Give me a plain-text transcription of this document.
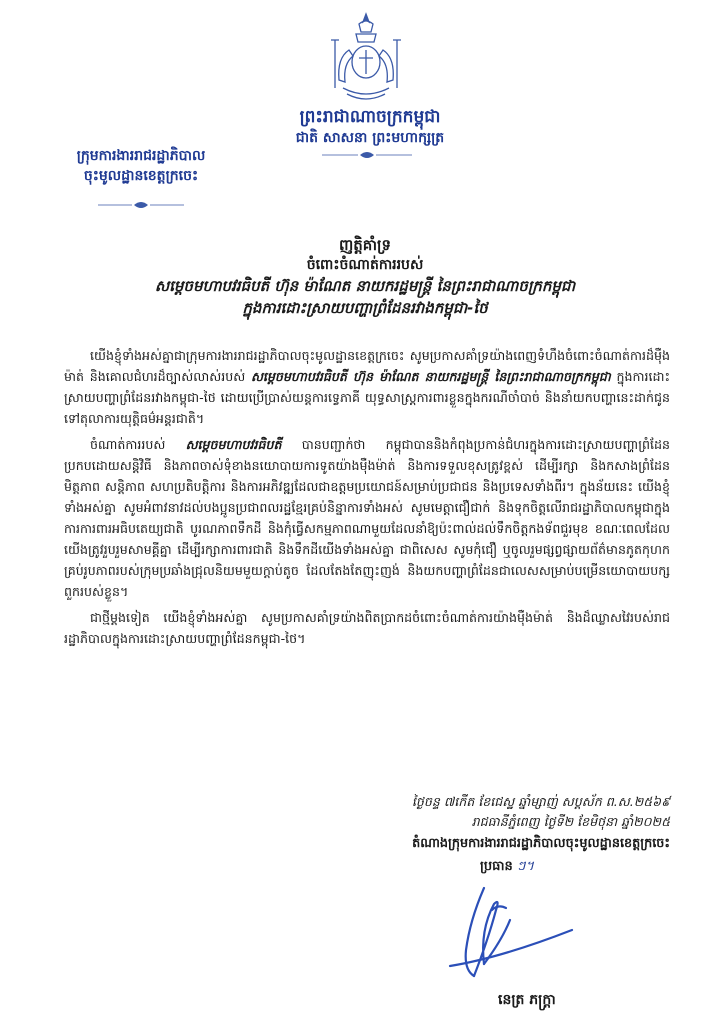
ព្រះរាជាណាចក្រកម្ពុជា
ជាតិ សាសនា ព្រះមហាក្សត្រ
ក្រុមការងាររាជរដ្ឋាភិបាល
ចុះមូលដ្ឋានខេត្តក្រចេះ
ញត្តិគាំទ្រ
ចំពោះចំណាត់ការរបស់
សម្តេចមហាបវរធិបតី ហ៊ុន ម៉ាណែត នាយករដ្ឋមន្ត្រី នៃព្រះរាជាណាចក្រកម្ពុជា
ក្នុងការដោះស្រាយបញ្ហាព្រំដែនរវាងកម្ពុជា-ថៃ

យើងខ្ញុំទាំងអស់គ្នាជាក្រុមការងាររាជរដ្ឋាភិបាលចុះមូលដ្ឋានខេត្តក្រចេះ សូមប្រកាសគាំទ្រយ៉ាងពេញទំហឹងចំពោះចំណាត់ការដ៏ម៉ឺងម៉ាត់ និងគោលជំហរដ៏ច្បាស់លាស់របស់ សម្តេចមហាបវរធិបតី ហ៊ុន ម៉ាណែត នាយករដ្ឋមន្ត្រី នៃព្រះរាជាណាចក្រកម្ពុជា ក្នុងការដោះស្រាយបញ្ហាព្រំដែនរវាងកម្ពុជា-ថៃ ដោយប្រើប្រាស់យន្តការទ្វេភាគី យុទ្ធសាស្ត្រការពារខ្លួនក្នុងករណីចាំបាច់ និងនាំយកបញ្ហានេះដាក់ជូនទៅតុលាការយុត្តិធម៌អន្តរជាតិ។

ចំណាត់ការរបស់ សម្តេចមហាបវរធិបតី បានបញ្ជាក់ថា កម្ពុជាបាននិងកំពុងប្រកាន់ជំហរក្នុងការដោះស្រាយបញ្ហាព្រំដែនប្រកបដោយសន្តិវិធី និងភាពចាស់ទុំខាងនយោបាយការទូតយ៉ាងម៉ឺងម៉ាត់ និងការទទួលខុសត្រូវខ្ពស់ ដើម្បីរក្សា និងកសាងព្រំដែនមិត្តភាព សន្តិភាព សហប្រតិបត្តិការ និងការអភិវឌ្ឍដែលជាឧត្តមប្រយោជន៍សម្រាប់ប្រជាជន និងប្រទេសទាំងពីរ។ ក្នុងន័យនេះ យើងខ្ញុំទាំងអស់គ្នា សូមអំពាវនាវដល់បងប្អូនប្រជាពលរដ្ឋខ្មែរគ្រប់និន្នាការទាំងអស់ សូមមេត្តាជឿជាក់ និងទុកចិត្តលើរាជរដ្ឋាភិបាលកម្ពុជាក្នុងការការពារអធិបតេយ្យជាតិ បូរណភាពទឹកដី និងកុំធ្វើសកម្មភាពណាមួយដែលនាំឱ្យប៉ះពាល់ដល់ទឹកចិត្តកងទ័ពជួរមុខ ខណៈពេលដែលយើងត្រូវរួបរួមសាមគ្គីគ្នា ដើម្បីរក្សាការពារជាតិ និងទឹកដីយើងទាំងអស់គ្នា ជាពិសេស សូមកុំជឿ ឬចូលរួមផ្សព្វផ្សាយព័ត៌មានភូតកុហកគ្រប់រូបភាពរបស់ក្រុមប្រឆាំងជ្រុលនិយមមួយក្តាប់តូច ដែលតែងតែញុះញង់ និងយកបញ្ហាព្រំដែនជាលេសសម្រាប់បម្រើនយោបាយបក្សពួករបស់ខ្លួន។

ជាថ្មីម្តងទៀត យើងខ្ញុំទាំងអស់គ្នា សូមប្រកាសគាំទ្រយ៉ាងពិតប្រាកដចំពោះចំណាត់ការយ៉ាងម៉ឺងម៉ាត់ និងដ៏ឈ្លាសវៃរបស់រាជរដ្ឋាភិបាលក្នុងការដោះស្រាយបញ្ហាព្រំដែនកម្ពុជា-ថៃ។

ថ្ងៃចន្ទ ៧កើត ខែជេស្ឋ ឆ្នាំម្សាញ់ សប្តស័ក ព.ស.២៥៦៩
រាជធានីភ្នំពេញ ថ្ងៃទី២ ខែមិថុនា ឆ្នាំ២០២៥
តំណាងក្រុមការងាររាជរដ្ឋាភិបាលចុះមូលដ្ឋានខេត្តក្រចេះ
ប្រធាន ៗ។
នេត្រ ភក្ត្រា
